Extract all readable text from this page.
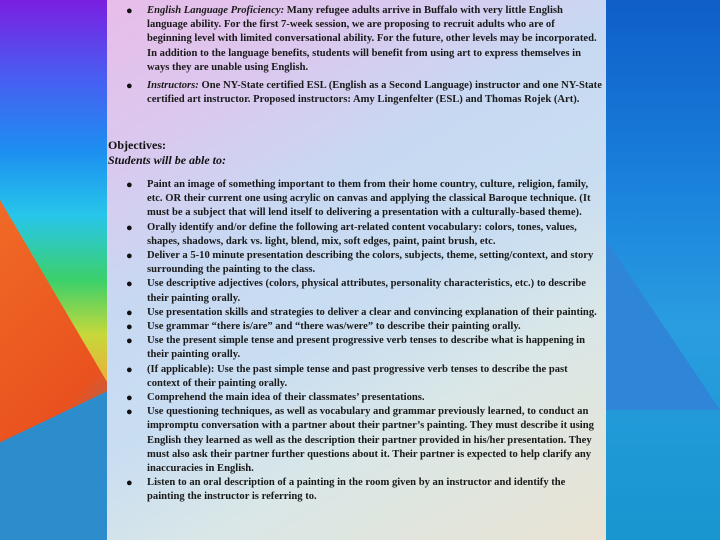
● English Language Proficiency: Many refugee adults arrive in Buffalo with very little English language ability. For the first 7-week session, we are proposing to recruit adults who are of beginning level with limited conversational ability. For the future, other levels may be incorporated. In addition to the language benefits, students will benefit from using art to express themselves in ways they are unable using English.
● Instructors: One NY-State certified ESL (English as a Second Language) instructor and one NY-State certified art instructor. Proposed instructors: Amy Lingenfelter (ESL) and Thomas Rojek (Art).
Objectives:
Students will be able to:
● Paint an image of something important to them from their home country, culture, religion, family, etc. OR their current one using acrylic on canvas and applying the classical Baroque technique. (It must be a subject that will lend itself to delivering a presentation with a culturally-based theme).
● Orally identify and/or define the following art-related content vocabulary: colors, tones, values, shapes, shadows, dark vs. light, blend, mix, soft edges, paint, paint brush, etc.
● Deliver a 5-10 minute presentation describing the colors, subjects, theme, setting/context, and story surrounding the painting to the class.
● Use descriptive adjectives (colors, physical attributes, personality characteristics, etc.) to describe their painting orally.
● Use presentation skills and strategies to deliver a clear and convincing explanation of their painting.
● Use grammar “there is/are” and “there was/were” to describe their painting orally.
● Use the present simple tense and present progressive verb tenses to describe what is happening in their painting orally.
● (If applicable): Use the past simple tense and past progressive verb tenses to describe the past context of their painting orally.
● Comprehend the main idea of their classmates’ presentations.
● Use questioning techniques, as well as vocabulary and grammar previously learned, to conduct an impromptu conversation with a partner about their partner’s painting. They must describe it using English they learned as well as the description their partner provided in his/her presentation. They must also ask their partner further questions about it. Their partner is expected to help clarify any inaccuracies in English.
● Listen to an oral description of a painting in the room given by an instructor and identify the painting the instructor is referring to.
